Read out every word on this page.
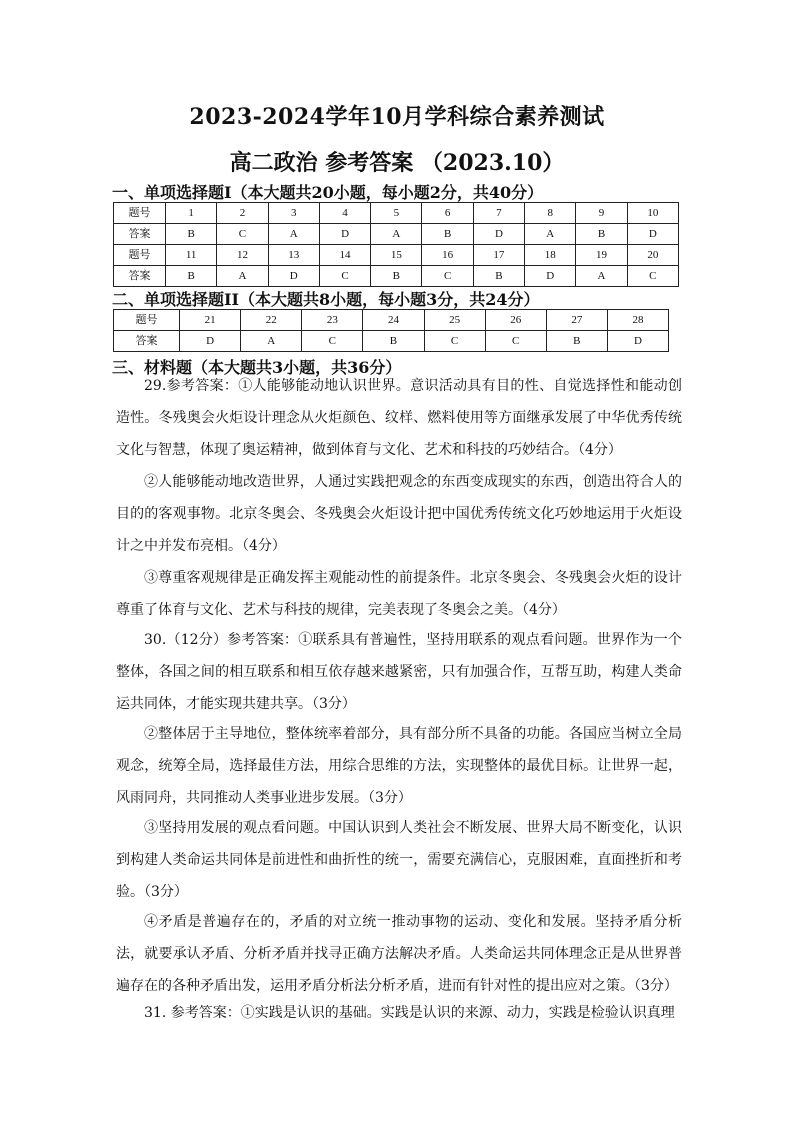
2023-2024学年10月学科综合素养测试
高二政治 参考答案 （2023.10）
一、单项选择题I（本大题共20小题，每小题2分，共40分）
题号	1	2	3	4	5	6	7	8	9	10
答案	B	C	A	D	A	B	D	A	B	D
题号	11	12	13	14	15	16	17	18	19	20
答案	B	A	D	C	B	C	B	D	A	C
二、单项选择题II（本大题共8小题，每小题3分，共24分）
题号	21	22	23	24	25	26	27	28
答案	D	A	C	B	C	C	B	D
三、材料题（本大题共3小题，共36分）
29.参考答案：①人能够能动地认识世界。意识活动具有目的性、自觉选择性和能动创造性。冬残奥会火炬设计理念从火炬颜色、纹样、燃料使用等方面继承发展了中华优秀传统文化与智慧，体现了奥运精神，做到体育与文化、艺术和科技的巧妙结合。（4分）
②人能够能动地改造世界，人通过实践把观念的东西变成现实的东西，创造出符合人的目的的客观事物。北京冬奥会、冬残奥会火炬设计把中国优秀传统文化巧妙地运用于火炬设计之中并发布亮相。（4分）
③尊重客观规律是正确发挥主观能动性的前提条件。北京冬奥会、冬残奥会火炬的设计尊重了体育与文化、艺术与科技的规律，完美表现了冬奥会之美。（4分）
30.（12分）参考答案：①联系具有普遍性，坚持用联系的观点看问题。世界作为一个整体，各国之间的相互联系和相互依存越来越紧密，只有加强合作，互帮互助，构建人类命运共同体，才能实现共建共享。（3分）
②整体居于主导地位，整体统率着部分，具有部分所不具备的功能。各国应当树立全局观念，统筹全局，选择最佳方法，用综合思维的方法，实现整体的最优目标。让世界一起，风雨同舟，共同推动人类事业进步发展。（3分）
③坚持用发展的观点看问题。中国认识到人类社会不断发展、世界大局不断变化，认识到构建人类命运共同体是前进性和曲折性的统一，需要充满信心，克服困难，直面挫折和考验。（3分）
④矛盾是普遍存在的，矛盾的对立统一推动事物的运动、变化和发展。坚持矛盾分析法，就要承认矛盾、分析矛盾并找寻正确方法解决矛盾。人类命运共同体理念正是从世界普遍存在的各种矛盾出发，运用矛盾分析法分析矛盾，进而有针对性的提出应对之策。（3分）
31. 参考答案：①实践是认识的基础。实践是认识的来源、动力，实践是检验认识真理
